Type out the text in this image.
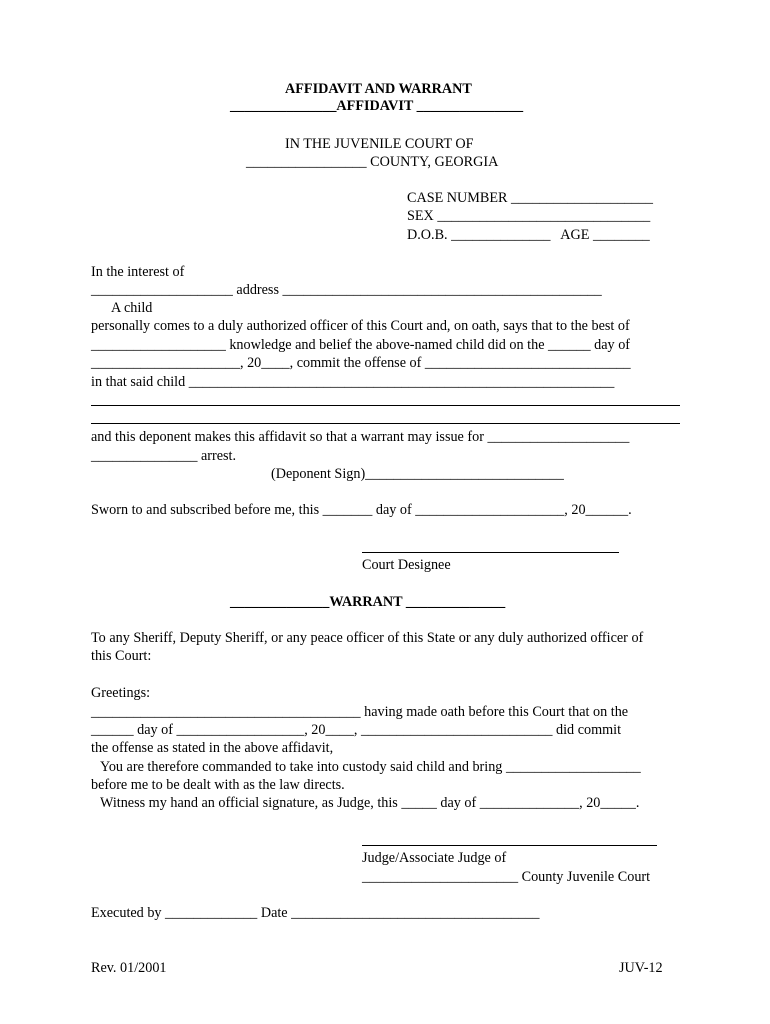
AFFIDAVIT AND WARRANT
_______________AFFIDAVIT _______________
IN THE JUVENILE COURT OF
_________________ COUNTY, GEORGIA
CASE NUMBER ____________________
SEX ______________________________
D.O.B. ______________   AGE ________
In the interest of
____________________ address _____________________________________________
A child
personally comes to a duly authorized officer of this Court and, on oath, says that to the best of
___________________ knowledge and belief the above-named child did on the ______ day of
_____________________, 20____, commit the offense of _____________________________
in that said child ____________________________________________________________
and this deponent makes this affidavit so that a warrant may issue for ____________________
_______________ arrest.
(Deponent Sign)____________________________
Sworn to and subscribed before me, this _______ day of _____________________, 20______.
Court Designee
______________WARRANT ______________
To any Sheriff, Deputy Sheriff, or any peace officer of this State or any duly authorized officer of
this Court:
Greetings:
______________________________________ having made oath before this Court that on the
______ day of __________________, 20____, ___________________________ did commit
the offense as stated in the above affidavit,
You are therefore commanded to take into custody said child and bring ___________________
before me to be dealt with as the law directs.
Witness my hand an official signature, as Judge, this _____ day of ______________, 20_____.
Judge/Associate Judge of
______________________ County Juvenile Court
Executed by _____________ Date ___________________________________
Rev. 01/2001	JUV-12
